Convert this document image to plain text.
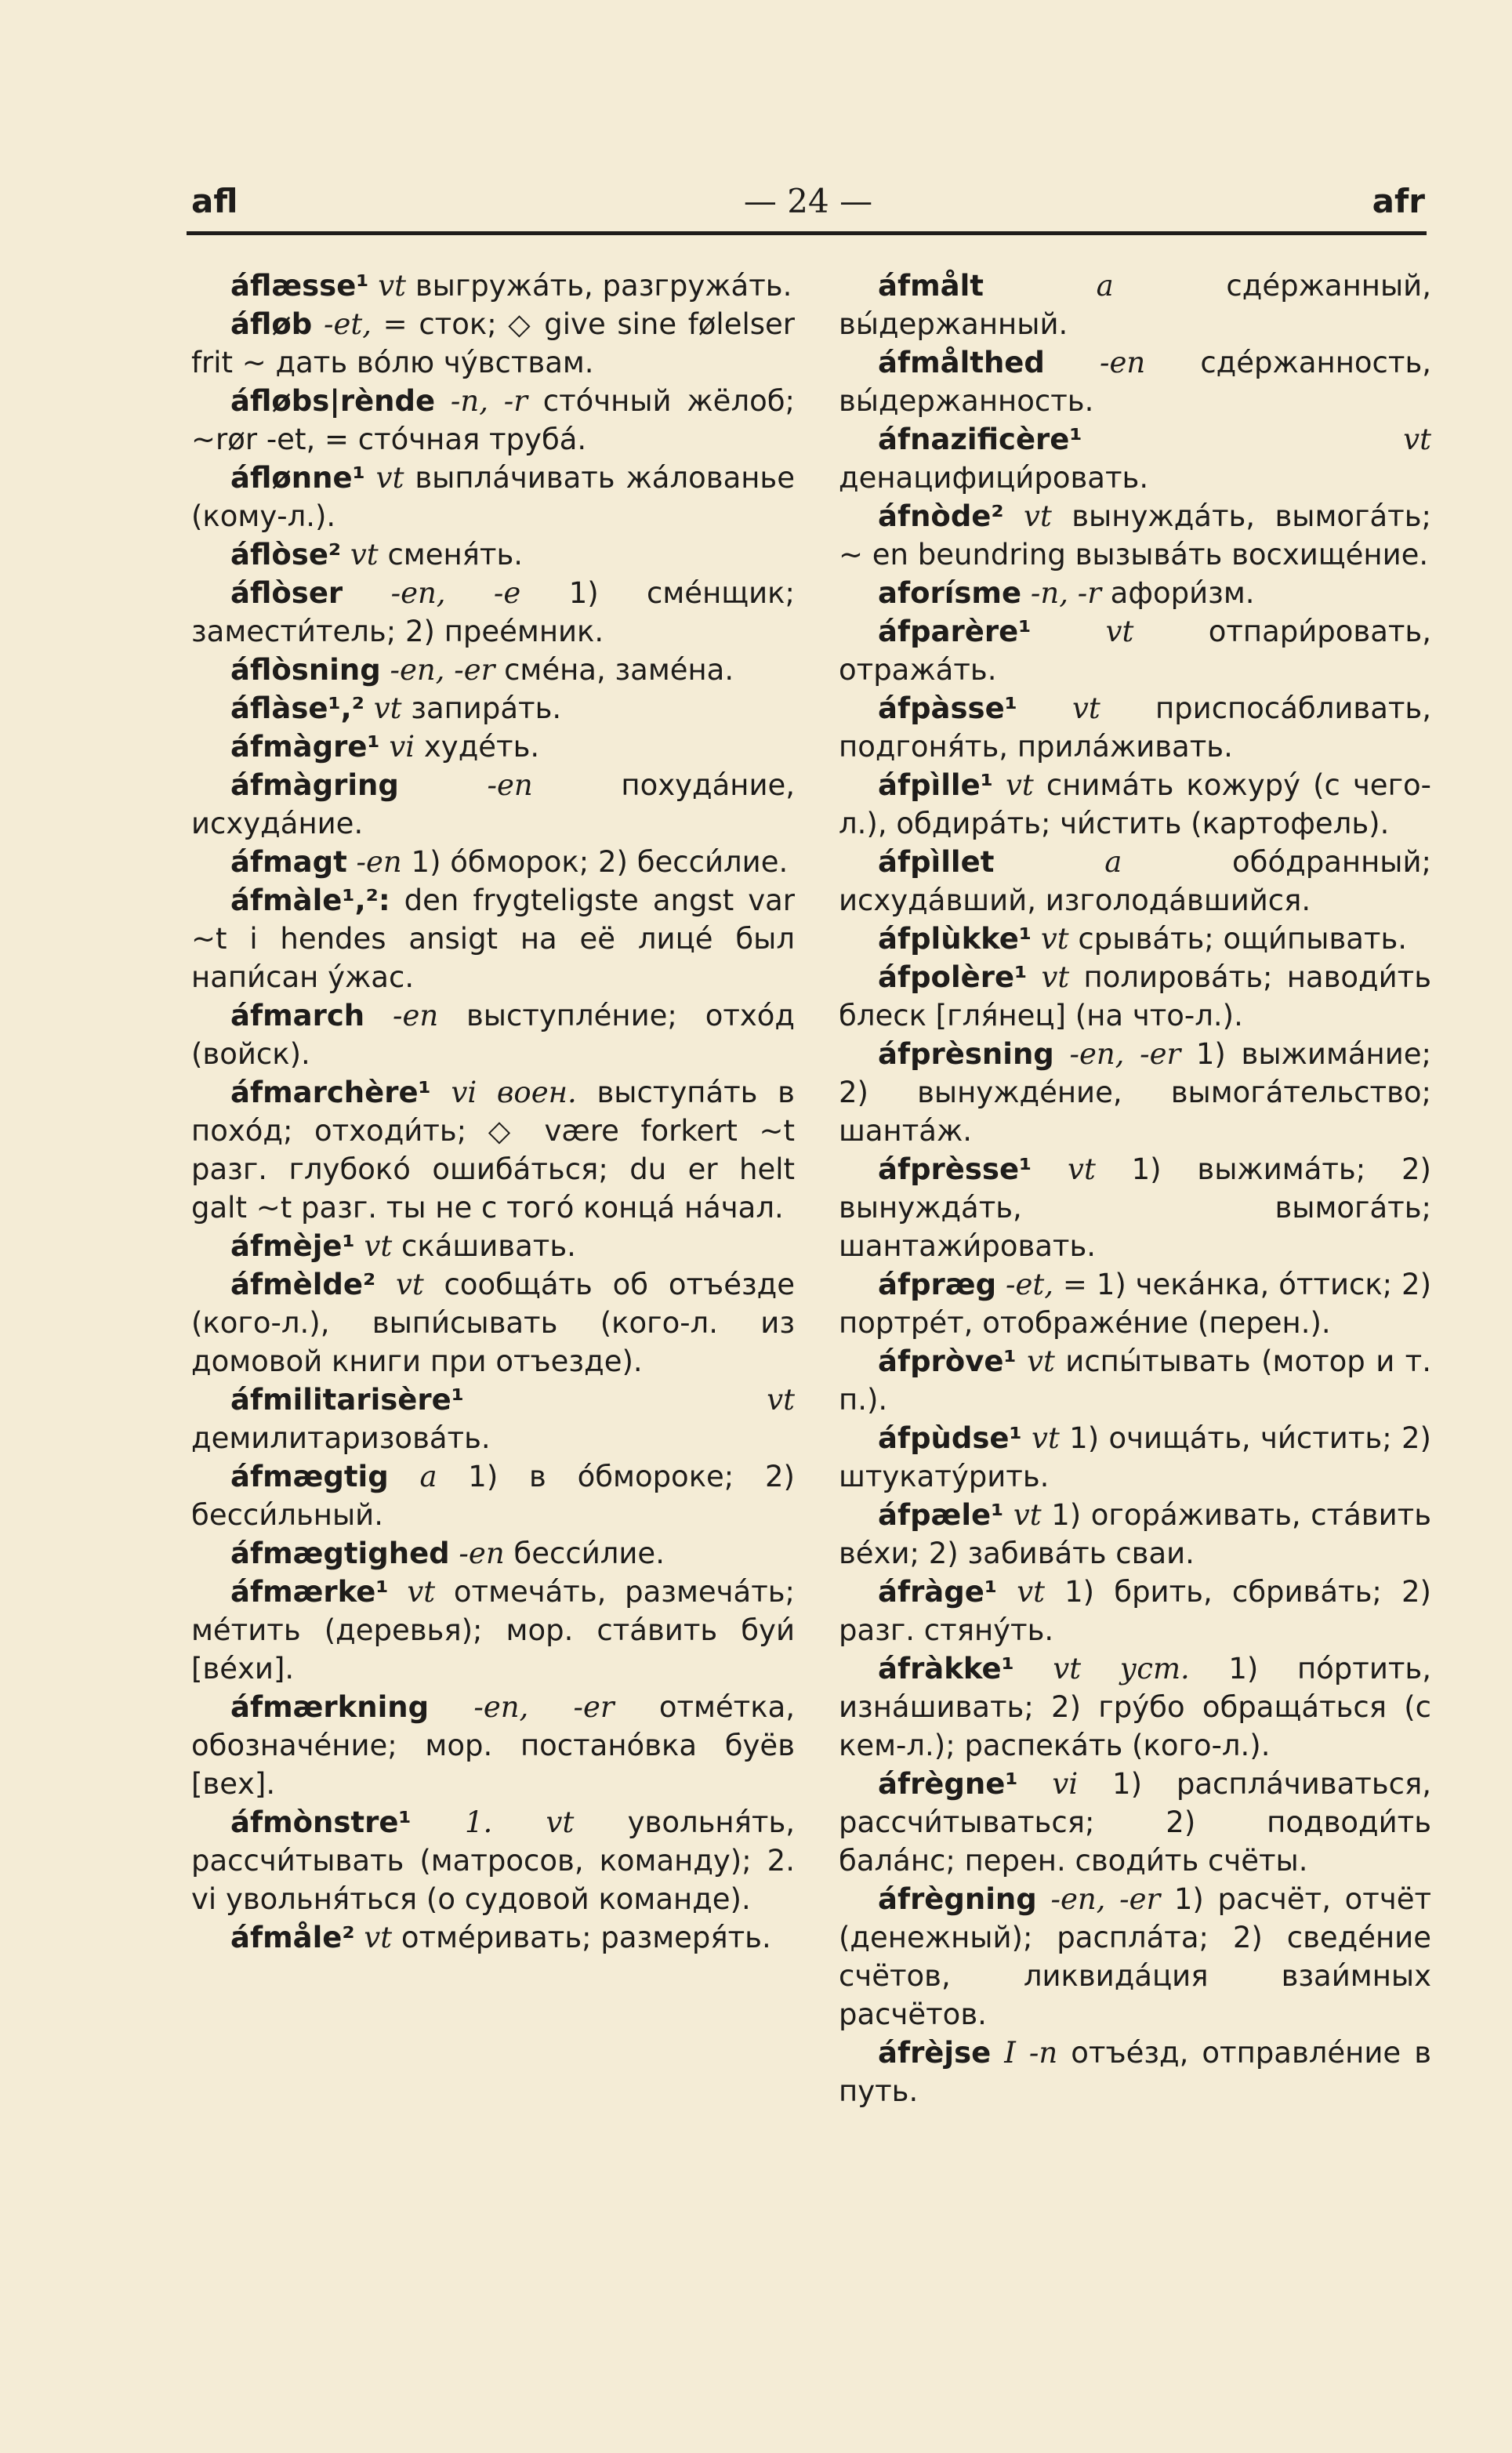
afl	— 24 —	afr
áflæsse¹ vt выгружа́ть, разгружа́ть.
áfløb -et, = сток; ◇ give sine følelser frit ~ дать во́лю чу́вствам.
áfløbs|rènde -n, -r сто́чный жёлоб; ~rør -et, = сто́чная труба́.
áflønne¹ vt выпла́чивать жа́лованье (кому-л.).
áflòse² vt сменя́ть.
áflòser -en, -e 1) сме́нщик; замести́тель; 2) прее́мник.
áflòsning -en, -er сме́на, заме́на.
áflàse¹,² vt запира́ть.
áfmàgre¹ vi худе́ть.
áfmàgring	-en	похуда́ние, исхуда́ние.
áfmagt -en 1) о́бморок; 2) бесси́лие.
áfmàle¹,²: den frygteligste angst var ~t i hendes ansigt на её лице́ был напи́сан у́жас.
áfmarch -en выступле́ние; отхо́д (войск).
áfmarchère¹ vi воен. выступа́ть в похо́д; отходи́ть; ◇ være forkert ~t разг. глубоко́ ошиба́ться; du er helt galt ~t разг. ты не с того́ конца́ на́чал.
áfmèje¹ vt ска́шивать.
áfmèlde² vt сообща́ть об отъе́зде (кого-л.), выпи́сывать (кого-л. из домовой книги при отъезде).
áfmilitarisère¹	vt демилитаризова́ть.
áfmægtig a 1) в о́бмороке; 2) бесси́льный.
áfmægtighed -en бесси́лие.
áfmærke¹ vt отмеча́ть, размеча́ть; ме́тить (деревья); мор. ста́вить буи́ [ве́хи].
áfmærkning -en, -er отме́тка, обозначе́ние; мор. постано́вка буёв [вех].
áfmònstre¹ 1. vt увольня́ть, рассчи́тывать (матросов, команду); 2. vi увольня́ться (о судовой команде).
áfmåle² vt отме́ривать; размеря́ть.
áfmålt	a	сде́ржанный, вы́держанный.
áfmålthed -en сде́ржанность, вы́держанность.
áfnazificère¹	vt денацифици́ровать.
áfnòde² vt вынужда́ть, вымога́ть; ~ en beundring вызыва́ть восхище́ние.
aforísme -n, -r афори́зм.
áfparère¹	vt	отпари́ровать, отража́ть.
áfpàsse¹ vt приспоса́бливать, подгоня́ть, прила́живать.
áfpìlle¹ vt снима́ть кожуру́ (с чего-л.), обдира́ть; чи́стить (картофель).
áfpìllet	a	обо́дранный; исхуда́вший, изголода́вшийся.
áfplùkke¹ vt срыва́ть; ощи́пывать.
áfpolère¹ vt полирова́ть; наводи́ть блеск [гля́нец] (на что-л.).
áfprèsning -en, -er 1) выжима́ние; 2) вынужде́ние, вымога́тельство; шанта́ж.
áfprèsse¹ vt 1) выжима́ть; 2) вынужда́ть, вымога́ть; шантажи́ровать.
áfpræg -et, = 1) чека́нка, о́ттиск; 2) портре́т, отображе́ние (перен.).
áfpròve¹ vt испы́тывать (мотор и т. п.).
áfpùdse¹ vt 1) очища́ть, чи́стить; 2) штукату́рить.
áfpæle¹ vt 1) огора́живать, ста́вить ве́хи; 2) забива́ть сваи.
áfràge¹ vt 1) брить, сбрива́ть; 2) разг. стяну́ть.
áfràkke¹ vt уст. 1) по́ртить, изна́шивать; 2) гру́бо обраща́ться (с кем-л.); распека́ть (кого-л.).
áfrègne¹ vi 1) распла́чиваться, рассчи́тываться; 2) подводи́ть бала́нс; перен. своди́ть счёты.
áfrègning -en, -er 1) расчёт, отчёт (денежный); распла́та; 2) сведе́ние счётов, ликвида́ция взаи́мных расчётов.
áfrèjse I -n отъе́зд, отправле́ние в путь.
